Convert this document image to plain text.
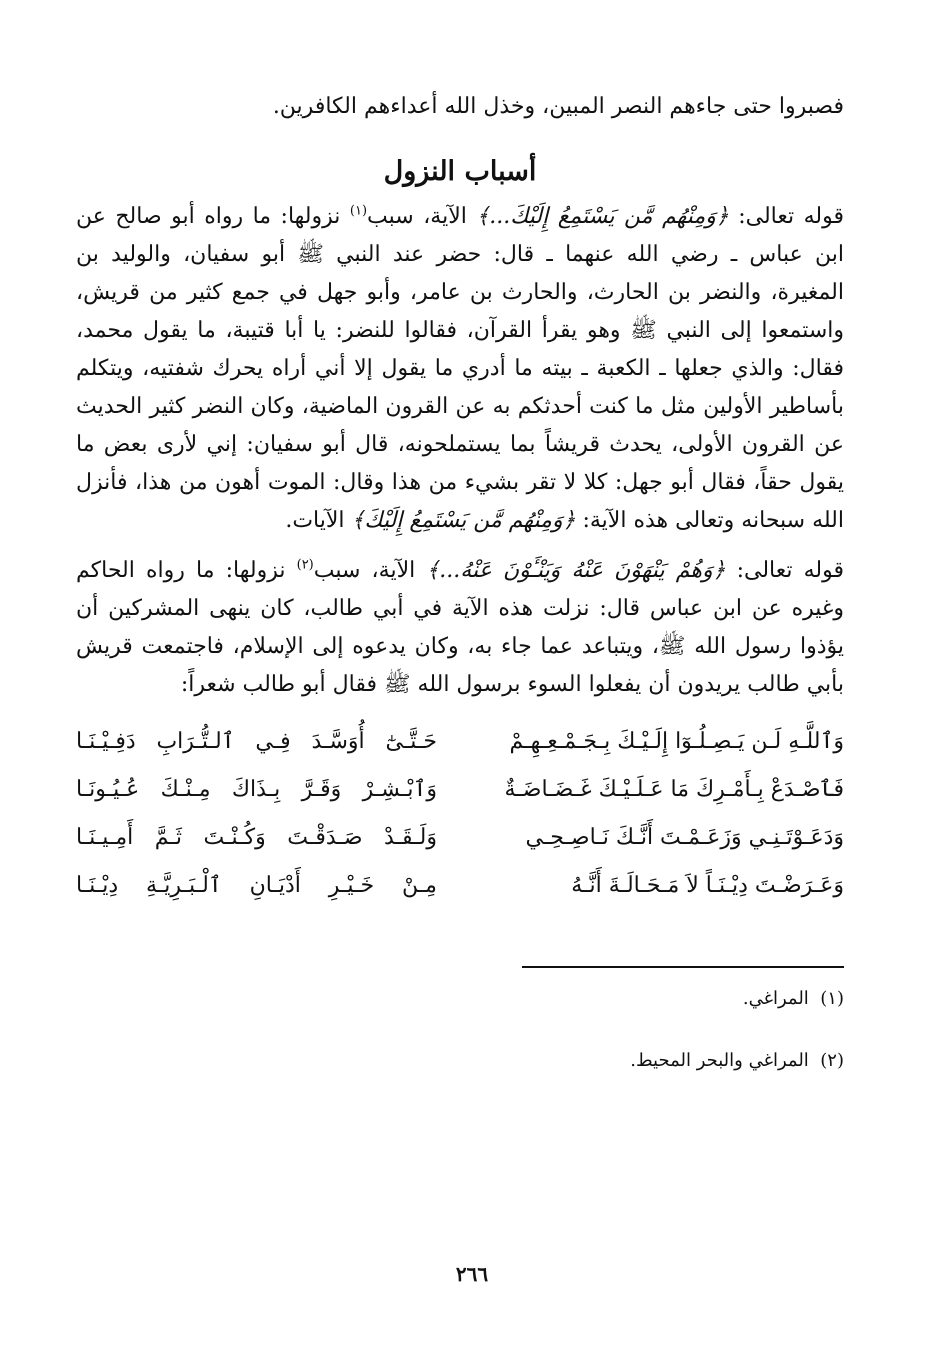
فصبروا حتى جاءهم النصر المبين، وخذل الله أعداءهم الكافرين.

أسباب النزول

قوله تعالى: ﴿وَمِنْهُم مَّن يَسْتَمِعُ إِلَيْكَ...﴾ الآية، سبب$^{(١)}$ نزولها: ما رواه أبو صالح عن ابن عباس ـ رضي الله عنهما ـ قال: حضر عند النبي ﷺ أبو سفيان، والوليد بن المغيرة، والنضر بن الحارث، والحارث بن عامر، وأبو جهل في جمع كثير من قريش، واستمعوا إلى النبي ﷺ وهو يقرأ القرآن، فقالوا للنضر: يا أبا قتيبة، ما يقول محمد، فقال: والذي جعلها ـ الكعبة ـ بيته ما أدري ما يقول إلا أني أراه يحرك شفتيه، ويتكلم بأساطير الأولين مثل ما كنت أحدثكم به عن القرون الماضية، وكان النضر كثير الحديث عن القرون الأولى، يحدث قريشاً بما يستملحونه، قال أبو سفيان: إني لأرى بعض ما يقول حقاً، فقال أبو جهل: كلا لا تقر بشيء من هذا وقال: الموت أهون من هذا، فأنزل الله سبحانه وتعالى هذه الآية: ﴿وَمِنْهُم مَّن يَسْتَمِعُ إِلَيْكَ﴾ الآيات.

قوله تعالى: ﴿وَهُمْ يَنْهَوْنَ عَنْهُ وَيَنْـَٔوْنَ عَنْهُ...﴾ الآية، سبب$^{(٢)}$ نزولها: ما رواه الحاكم وغيره عن ابن عباس قال: نزلت هذه الآية في أبي طالب، كان ينهى المشركين أن يؤذوا رسول الله ﷺ، ويتباعد عما جاء به، وكان يدعوه إلى الإسلام، فاجتمعت قريش بأبي طالب يريدون أن يفعلوا السوء برسول الله ﷺ فقال أبو طالب شعراً:

وَٱللَّـهِ لَـن يَـصِـلُـوٓا إِلَـيْـكَ بِـجَـمْـعِـهِـمْ
حَـتَّـىٰٓ أُوَسَّـدَ فِـي ٱلـتُّـرَابِ دَفِـيْـنَـا
فَٱصْـدَعْ بِـأَمْـرِكَ مَا عَـلَـيْـكَ غَـضَـاضَـةٌ
وَٱبْـشِـرْ وَقَـرَّ بِـذَاكَ مِـنْـكَ عُـيُـونَـا
وَدَعَـوْتَـنِـي وَزَعَـمْـتَ أَنَّـكَ نَـاصِـحِـي
وَلَـقَـدْ صَـدَقْـتَ وَكُـنْـتَ ثَـمَّ أَمِـيـنَـا
وَعَـرَضْـتَ دِيْـنَـاً لاَ مَـحَـالَـةَ أَنَّـهُ
مِـنْ خَـيْـرِ أَدْيَـانِ ٱلْـبَـرِيَّـةِ دِيْـنَـا

(١)  المراغي.

(٢)  المراغي والبحر المحيط.

٢٦٦
